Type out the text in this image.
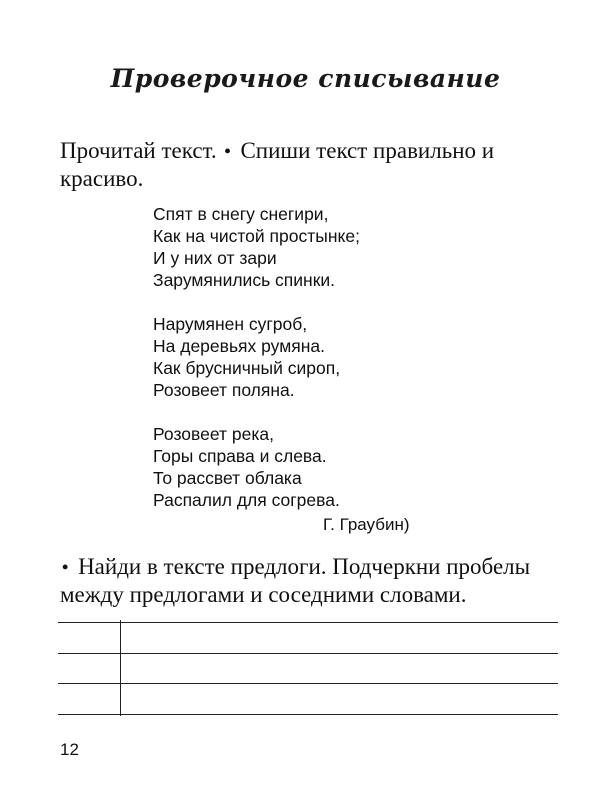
Проверочное списывание
Прочитай текст. • Спиши текст правильно и красиво.
Спят в снегу снегири,
Как на чистой простынке;
И у них от зари
Зарумянились спинки.
Нарумянен сугроб,
На деревьях румяна.
Как брусничный сироп,
Розовеет поляна.
Розовеет река,
Горы справа и слева.
То рассвет облака
Распалил для согрева.
Г. Граубин)
• Найди в тексте предлоги. Подчеркни пробелы между предлогами и соседними словами.
12
